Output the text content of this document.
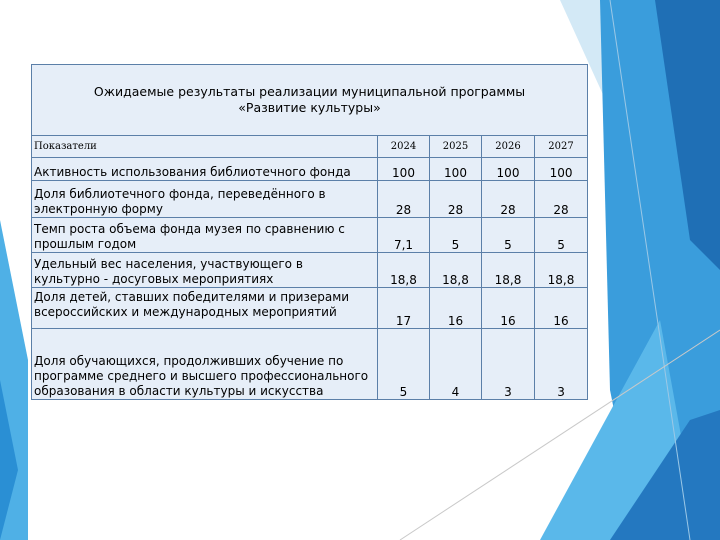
Ожидаемые результаты реализации муниципальной программы
«Развитие культуры»				

Показатели	2024	2025	2026	2027

Активность использования библиотечного фонда	100	100	100	100

Доля библиотечного фонда, переведённого в
электронную форму	28	28	28	28

Темп роста объема фонда музея по сравнению с
прошлым годом	7,1	5	5	5

Удельный вес населения, участвующего в
культурно - досуговых мероприятиях	18,8	18,8	18,8	18,8

Доля детей, ставших победителями и призерами
всероссийских и международных мероприятий	17	16	16	16

Доля обучающихся, продолживших обучение по
программе среднего и высшего профессионального
образования в области культуры и искусства	5	4	3	3
